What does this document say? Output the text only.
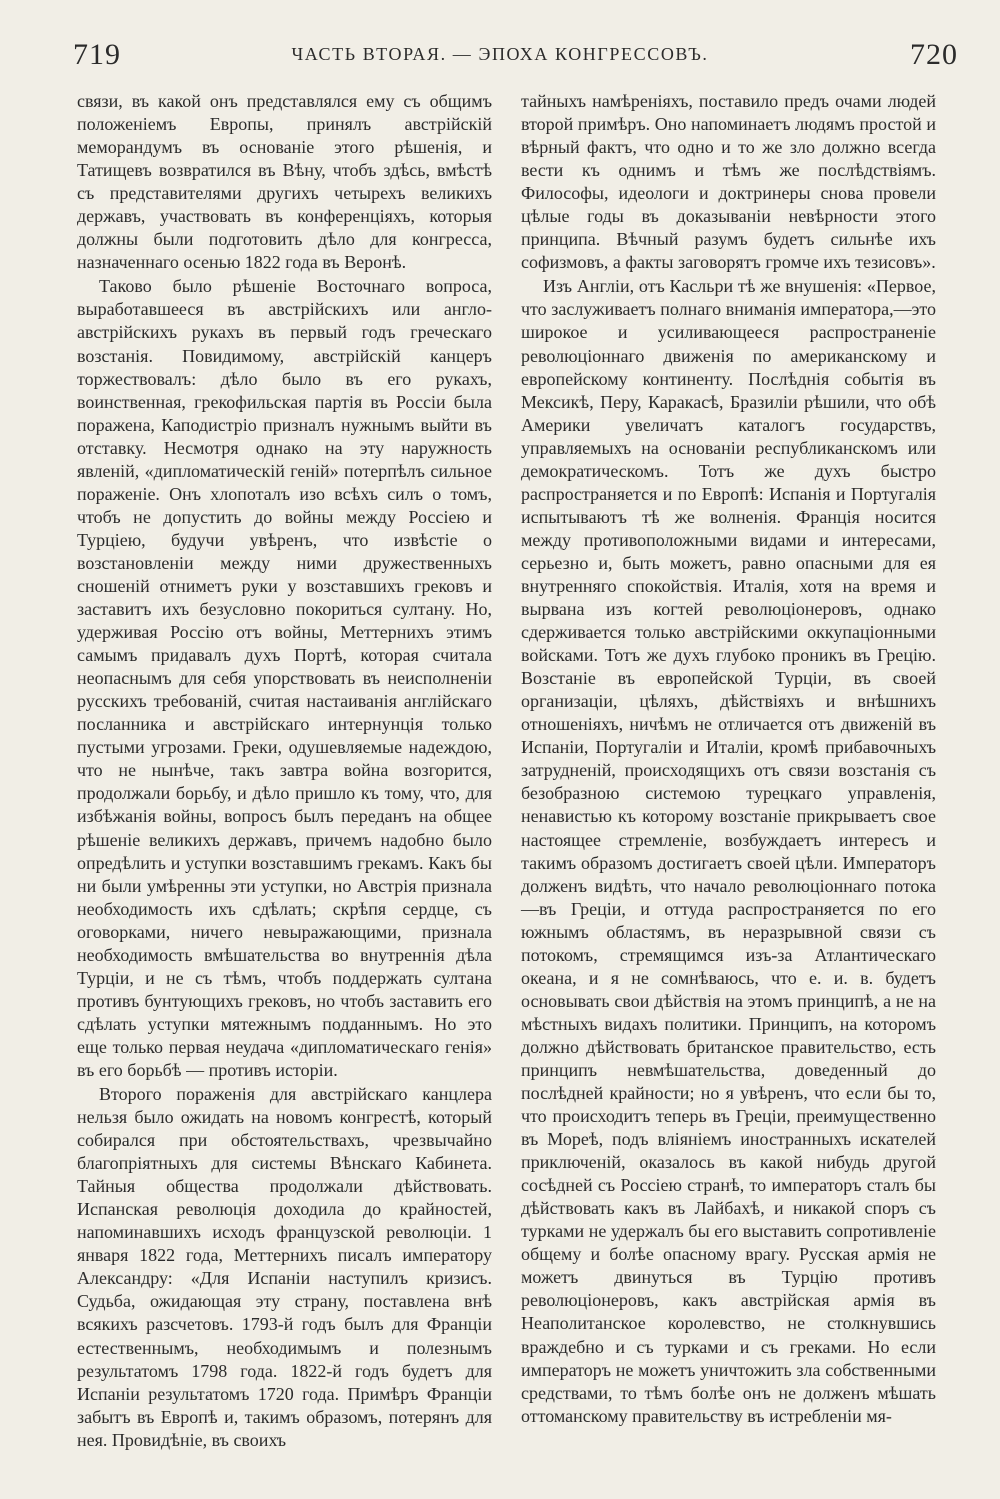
719	ЧАСТЬ ВТОРАЯ. — ЭПОХА КОНГРЕССОВЪ.	720

связи, въ какой онъ представлялся ему съ общимъ положеніемъ Европы, принялъ австрійскій меморандумъ въ основаніе этого рѣшенія, и Татищевъ возвратился въ Вѣну, чтобъ здѣсь, вмѣстѣ съ представителями другихъ четырехъ великихъ державъ, участвовать въ конференціяхъ, которыя должны были подготовить дѣло для конгресса, назначеннаго осенью 1822 года въ Веронѣ.

Таково было рѣшеніе Восточнаго вопроса, выработавшееся въ австрійскихъ или англо-австрійскихъ рукахъ въ первый годъ греческаго возстанія. Повидимому, австрійскій канцеръ торжествовалъ: дѣло было въ его рукахъ, воинственная, грекофильская партія въ Россіи была поражена, Каподистріо призналъ нужнымъ выйти въ отставку. Несмотря однако на эту наружность явленій, «дипломатическій геній» потерпѣлъ сильное пораженіе. Онъ хлопоталъ изо всѣхъ силъ о томъ, чтобъ не допустить до войны между Россіею и Турціею, будучи увѣренъ, что извѣстіе о возстановленіи между ними дружественныхъ сношеній отниметъ руки у возставшихъ грековъ и заставитъ ихъ безусловно покориться султану. Но, удерживая Россію отъ войны, Меттернихъ этимъ самымъ придавалъ духъ Портѣ, которая считала неопаснымъ для себя упорствовать въ неисполненіи русскихъ требованій, считая настаиванія англійскаго посланника и австрійскаго интернунція только пустыми угрозами. Греки, одушевляемые надеждою, что не нынѣче, такъ завтра война возгорится, продолжали борьбу, и дѣло пришло къ тому, что, для избѣжанія войны, вопросъ былъ переданъ на общее рѣшеніе великихъ державъ, причемъ надобно было опредѣлить и уступки возставшимъ грекамъ. Какъ бы ни были умѣренны эти уступки, но Австрія признала необходимость ихъ сдѣлать; скрѣпя сердце, съ оговорками, ничего невыражающими, признала необходимость вмѣшательства во внутреннія дѣла Турціи, и не съ тѣмъ, чтобъ поддержать султана противъ бунтующихъ грековъ, но чтобъ заставить его сдѣлать уступки мятежнымъ подданнымъ. Но это еще только первая неудача «дипломатическаго генія» въ его борьбѣ — противъ исторіи.

Второго пораженія для австрійскаго канцлера нельзя было ожидать на новомъ конгрестѣ, который собирался при обстоятельствахъ, чрезвычайно благопріятныхъ для системы Вѣнскаго Кабинета. Тайныя общества продолжали дѣйствовать. Испанская революція доходила до крайностей, напоминавшихъ исходъ французской революціи. 1 января 1822 года, Меттернихъ писалъ императору Александру: «Для Испаніи наступилъ кризисъ. Судьба, ожидающая эту страну, поставлена внѣ всякихъ разсчетовъ. 1793-й годъ былъ для Франціи естественнымъ, необходимымъ и полезнымъ результатомъ 1798 года. 1822-й годъ будетъ для Испаніи результатомъ 1720 года. Примѣръ Франціи забытъ въ Европѣ и, такимъ образомъ, потерянъ для нея. Провидѣніе, въ своихъ

тайныхъ намѣреніяхъ, поставило предъ очами людей второй примѣръ. Оно напоминаетъ людямъ простой и вѣрный фактъ, что одно и то же зло должно всегда вести къ однимъ и тѣмъ же послѣдствіямъ. Философы, идеологи и доктринеры снова провели цѣлые годы въ доказываніи невѣрности этого принципа. Вѣчный разумъ будетъ сильнѣе ихъ софизмовъ, а факты заговорятъ громче ихъ тезисовъ».

Изъ Англіи, отъ Касльри тѣ же внушенія: «Первое, что заслуживаетъ полнаго вниманія императора,—это широкое и усиливающееся распространеніе революціоннаго движенія по американскому и европейскому континенту. Послѣднія событія въ Мексикѣ, Перу, Каракасѣ, Бразиліи рѣшили, что обѣ Америки увеличатъ каталогъ государствъ, управляемыхъ на основаніи республиканскомъ или демократическомъ. Тотъ же духъ быстро распространяется и по Европѣ: Испанія и Португалія испытываютъ тѣ же волненія. Франція носится между противоположными видами и интересами, серьезно и, быть можетъ, равно опасными для ея внутренняго спокойствія. Италія, хотя на время и вырвана изъ когтей революціонеровъ, однако сдерживается только австрійскими оккупаціонными войсками. Тотъ же духъ глубоко проникъ въ Грецію. Возстаніе въ европейской Турціи, въ своей организаціи, цѣляхъ, дѣйствіяхъ и внѣшнихъ отношеніяхъ, ничѣмъ не отличается отъ движеній въ Испаніи, Португаліи и Италіи, кромѣ прибавочныхъ затрудненій, происходящихъ отъ связи возстанія съ безобразною системою турецкаго управленія, ненавистью къ которому возстаніе прикрываетъ свое настоящее стремленіе, возбуждаетъ интересъ и такимъ образомъ достигаетъ своей цѣли. Императоръ долженъ видѣть, что начало революціоннаго потока—въ Греціи, и оттуда распространяется по его южнымъ областямъ, въ неразрывной связи съ потокомъ, стремящимся изъ-за Атлантическаго океана, и я не сомнѣваюсь, что е. и. в. будетъ основывать свои дѣйствія на этомъ принципѣ, а не на мѣстныхъ видахъ политики. Принципъ, на которомъ должно дѣйствовать британское правительство, есть принципъ невмѣшательства, доведенный до послѣдней крайности; но я увѣренъ, что если бы то, что происходитъ теперь въ Греціи, преимущественно въ Мореѣ, подъ вліяніемъ иностранныхъ искателей приключеній, оказалось въ какой нибудь другой сосѣдней съ Россіею странѣ, то императоръ сталъ бы дѣйствовать какъ въ Лайбахѣ, и никакой споръ съ турками не удержалъ бы его выставить сопротивленіе общему и болѣе опасному врагу. Русская армія не можетъ двинуться въ Турцію противъ революціонеровъ, какъ австрійская армія въ Неаполитанское королевство, не столкнувшись враждебно и съ турками и съ греками. Но если императоръ не можетъ уничтожить зла собственными средствами, то тѣмъ болѣе онъ не долженъ мѣшать оттоманскому правительству въ истребленіи мя-
